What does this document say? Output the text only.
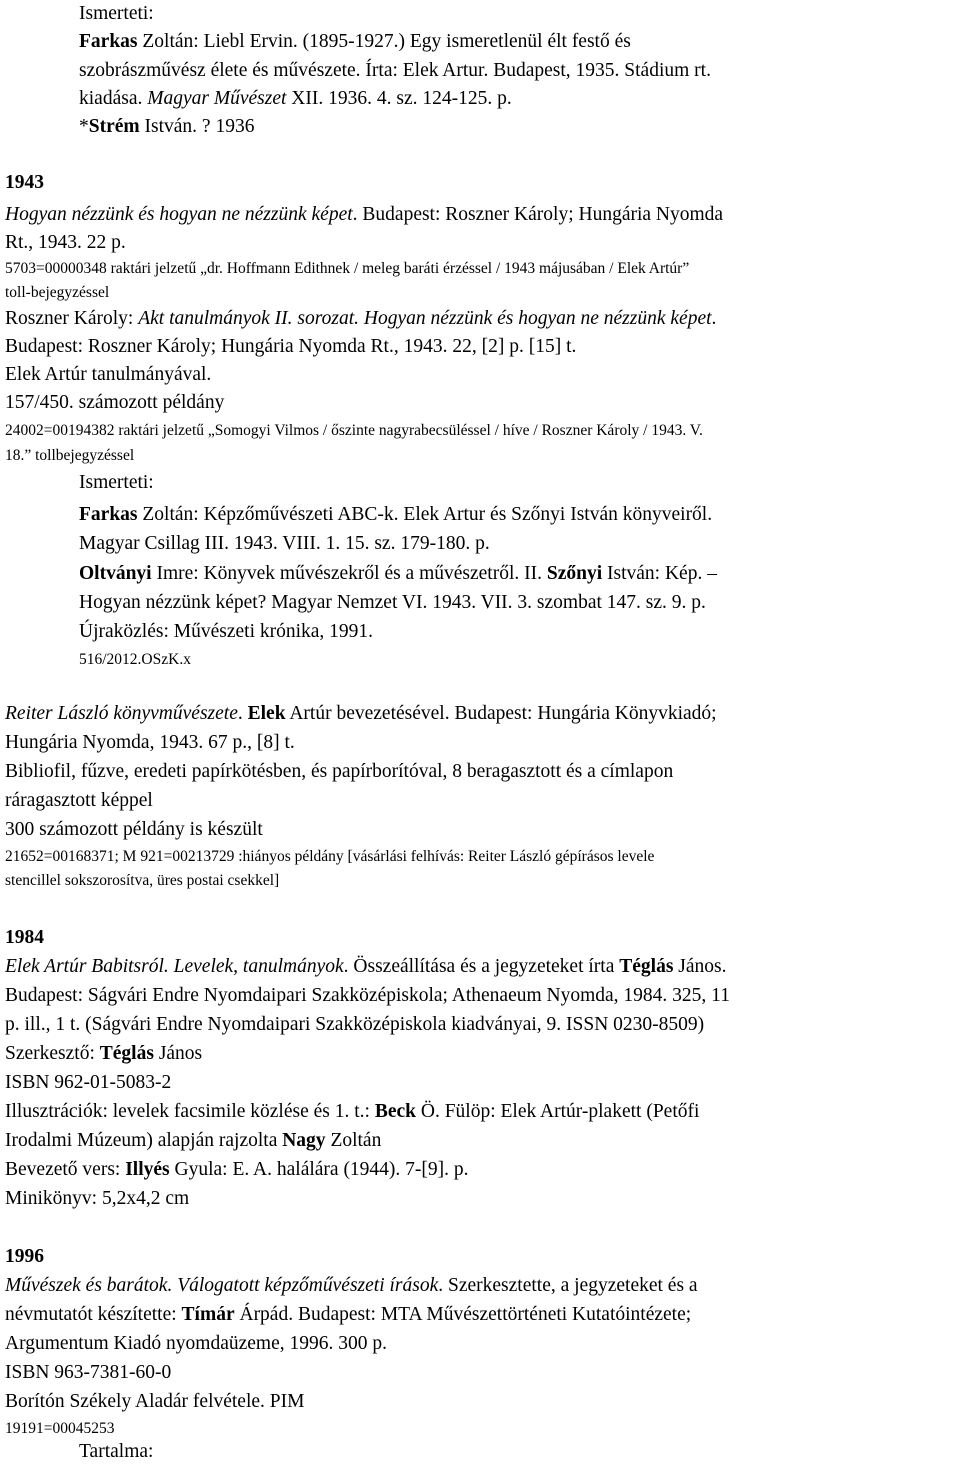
Ismerteti:
Farkas Zoltán: Liebl Ervin. (1895-1927.) Egy ismeretlenül élt festő és
szobrászművész élete és művészete. Írta: Elek Artur. Budapest, 1935. Stádium rt.
kiadása. Magyar Művészet XII. 1936. 4. sz. 124-125. p.
*Strém István. ? 1936
1943
Hogyan nézzünk és hogyan ne nézzünk képet. Budapest: Roszner Károly; Hungária Nyomda
Rt., 1943. 22 p.
5703=00000348 raktári jelzetű „dr. Hoffmann Edithnek / meleg baráti érzéssel / 1943 májusában / Elek Artúr”
toll-bejegyzéssel
Roszner Károly: Akt tanulmányok II. sorozat. Hogyan nézzünk és hogyan ne nézzünk képet.
Budapest: Roszner Károly; Hungária Nyomda Rt., 1943. 22, [2] p. [15] t.
Elek Artúr tanulmányával.
157/450. számozott példány
24002=00194382 raktári jelzetű „Somogyi Vilmos / őszinte nagyrabecsüléssel / híve / Roszner Károly / 1943. V.
18.” tollbejegyzéssel
Ismerteti:
Farkas Zoltán: Képzőművészeti ABC-k. Elek Artur és Szőnyi István könyveiről.
Magyar Csillag III. 1943. VIII. 1. 15. sz. 179-180. p.
Oltványi Imre: Könyvek művészekről és a művészetről. II. Szőnyi István: Kép. –
Hogyan nézzünk képet? Magyar Nemzet VI. 1943. VII. 3. szombat 147. sz. 9. p.
Újraközlés: Művészeti krónika, 1991.
516/2012.OSzK.x
Reiter László könyvművészete. Elek Artúr bevezetésével. Budapest: Hungária Könyvkiadó;
Hungária Nyomda, 1943. 67 p., [8] t.
Bibliofil, fűzve, eredeti papírkötésben, és papírborítóval, 8 beragasztott és a címlapon
ráragasztott képpel
300 számozott példány is készült
21652=00168371; M 921=00213729 :hiányos példány [vásárlási felhívás: Reiter László gépírásos levele
stencillel sokszorosítva, üres postai csekkel]
1984
Elek Artúr Babitsról. Levelek, tanulmányok. Összeállítása és a jegyzeteket írta Téglás János.
Budapest: Ságvári Endre Nyomdaipari Szakközépiskola; Athenaeum Nyomda, 1984. 325, 11
p. ill., 1 t. (Ságvári Endre Nyomdaipari Szakközépiskola kiadványai, 9. ISSN 0230-8509)
Szerkesztő: Téglás János
ISBN 962-01-5083-2
Illusztrációk: levelek facsimile közlése és 1. t.: Beck Ö. Fülöp: Elek Artúr-plakett (Petőfi
Irodalmi Múzeum) alapján rajzolta Nagy Zoltán
Bevezető vers: Illyés Gyula: E. A. halálára (1944). 7-[9]. p.
Minikönyv: 5,2x4,2 cm
1996
Művészek és barátok. Válogatott képzőművészeti írások. Szerkesztette, a jegyzeteket és a
névmutatót készítette: Tímár Árpád. Budapest: MTA Művészettörténeti Kutatóintézete;
Argumentum Kiadó nyomdaüzeme, 1996. 300 p.
ISBN 963-7381-60-0
Borítón Székely Aladár felvétele. PIM
19191=00045253
Tartalma:
